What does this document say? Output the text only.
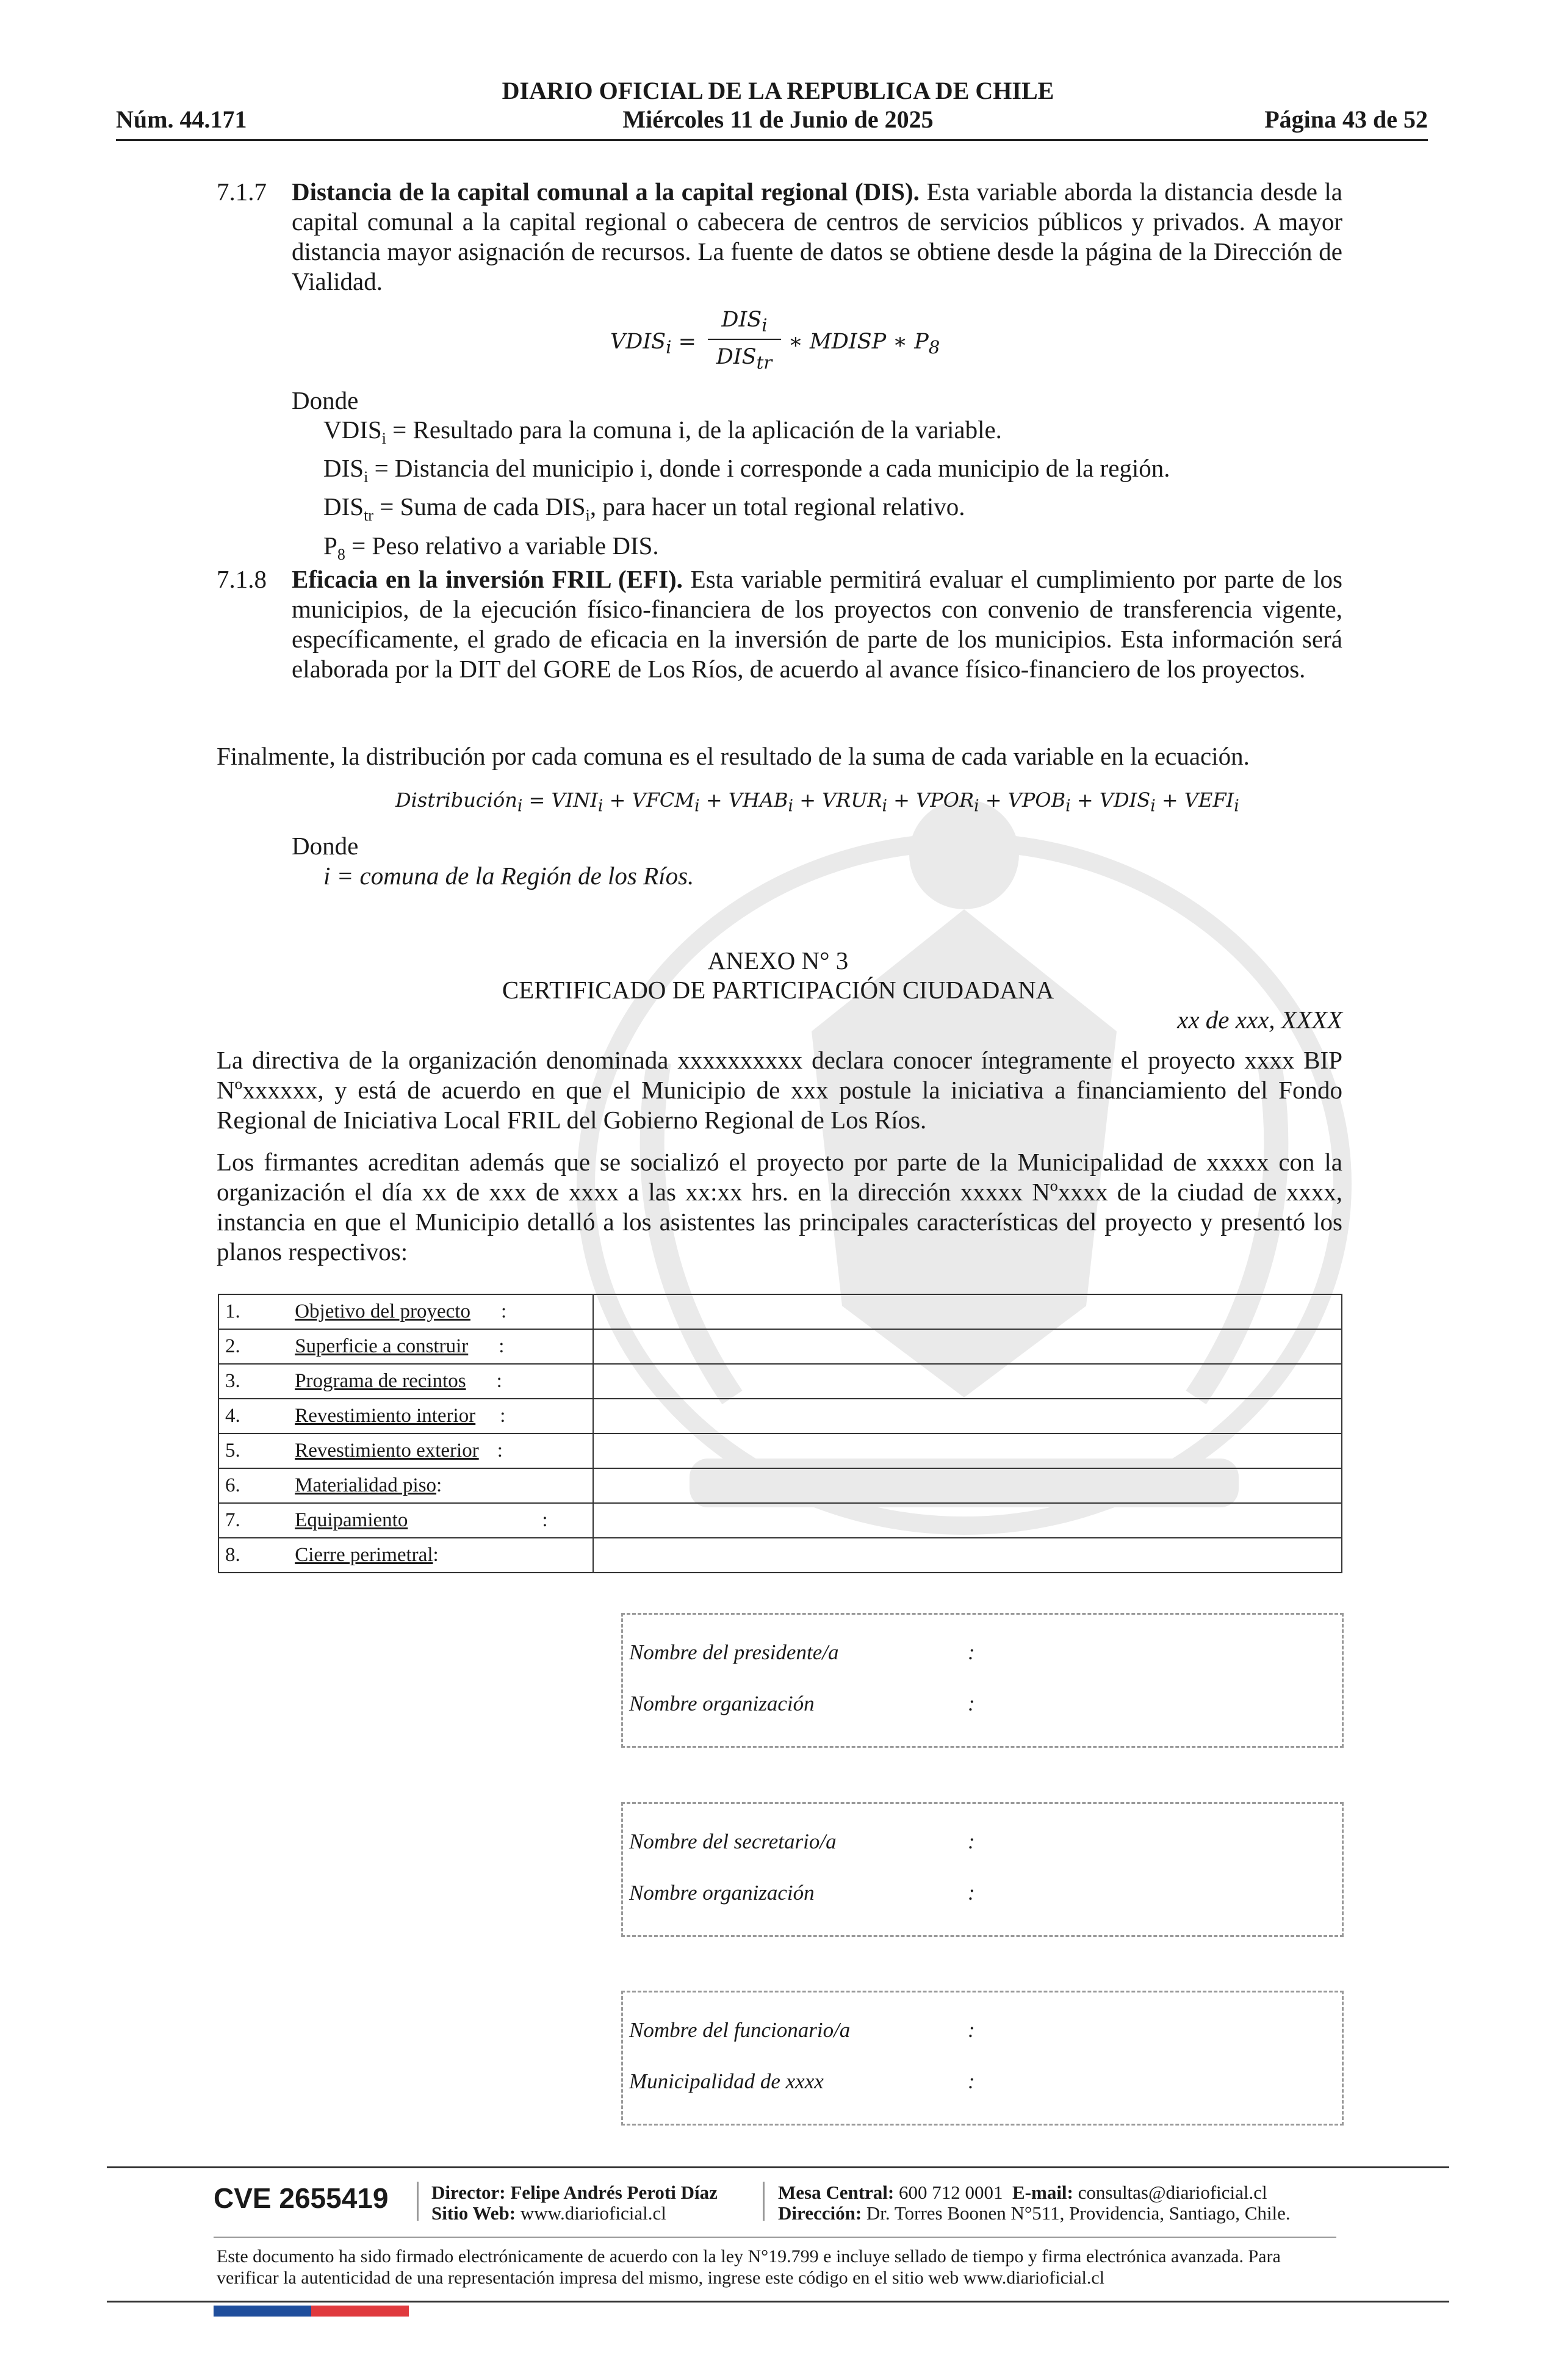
DIARIO OFICIAL DE LA REPUBLICA DE CHILE
Núm. 44.171	Miércoles 11 de Junio de 2025	Página 43 de 52
7.1.7 Distancia de la capital comunal a la capital regional (DIS). Esta variable aborda la distancia desde la capital comunal a la capital regional o cabecera de centros de servicios públicos y privados. A mayor distancia mayor asignación de recursos. La fuente de datos se obtiene desde la página de la Dirección de Vialidad.
$VDIS_i$ =
$DIS_i$
$DIS_{tr}$
∗ MDISP ∗ $P_8$
Donde
$VDIS_i$ = Resultado para la comuna i, de la aplicación de la variable.
$DIS_i$ = Distancia del municipio i, donde i corresponde a cada municipio de la región.
$DIS_{tr}$ = Suma de cada $DIS_i$, para hacer un total regional relativo.
$P_8$ = Peso relativo a variable DIS.
7.1.8 Eficacia en la inversión FRIL (EFI). Esta variable permitirá evaluar el cumplimiento por parte de los municipios, de la ejecución físico-financiera de los proyectos con convenio de transferencia vigente, específicamente, el grado de eficacia en la inversión de parte de los municipios. Esta información será elaborada por la DIT del GORE de Los Ríos, de acuerdo al avance físico-financiero de los proyectos.
Finalmente, la distribución por cada comuna es el resultado de la suma de cada variable en la ecuación.
Distribución$_i$ = $VINI_i$ + $VFCM_i$ + $VHAB_i$ + $VRUR_i$ + $VPOR_i$ + $VPOB_i$ + $VDIS_i$ + $VEFI_i$
Donde
i = comuna de la Región de los Ríos.
ANEXO N° 3
CERTIFICADO DE PARTICIPACIÓN CIUDADANA
xx de xxx, XXXX
La directiva de la organización denominada xxxxxxxxxx declara conocer íntegramente el proyecto xxxx BIP Nºxxxxxx, y está de acuerdo en que el Municipio de xxx postule la iniciativa a financiamiento del Fondo Regional de Iniciativa Local FRIL del Gobierno Regional de Los Ríos.
Los firmantes acreditan además que se socializó el proyecto por parte de la Municipalidad de xxxxx con la organización el día xx de xxx de xxxx a las xx:xx hrs. en la dirección xxxxx Nºxxxx de la ciudad de xxxx, instancia en que el Municipio detalló a los asistentes las principales características del proyecto y presentó los planos respectivos:
1.	Objetivo del proyecto :	
2.	Superficie a construir :	
3.	Programa de recintos :	
4.	Revestimiento interior :	
5.	Revestimiento exterior :	
6.	Materialidad piso:	
7.	Equipamiento :	
8.	Cierre perimetral:	
Nombre del presidente/a	:
Nombre organización	:
Nombre del secretario/a	:
Nombre organización	:
Nombre del funcionario/a	:
Municipalidad de xxxx	:
CVE 2655419 Director: Felipe Andrés Peroti Díaz
Sitio Web: www.diarioficial.cl
Mesa Central: 600 712 0001 E-mail: consultas@diarioficial.cl
Dirección: Dr. Torres Boonen N°511, Providencia, Santiago, Chile.
Este documento ha sido firmado electrónicamente de acuerdo con la ley N°19.799 e incluye sellado de tiempo y firma electrónica avanzada. Para verificar la autenticidad de una representación impresa del mismo, ingrese este código en el sitio web www.diarioficial.cl
